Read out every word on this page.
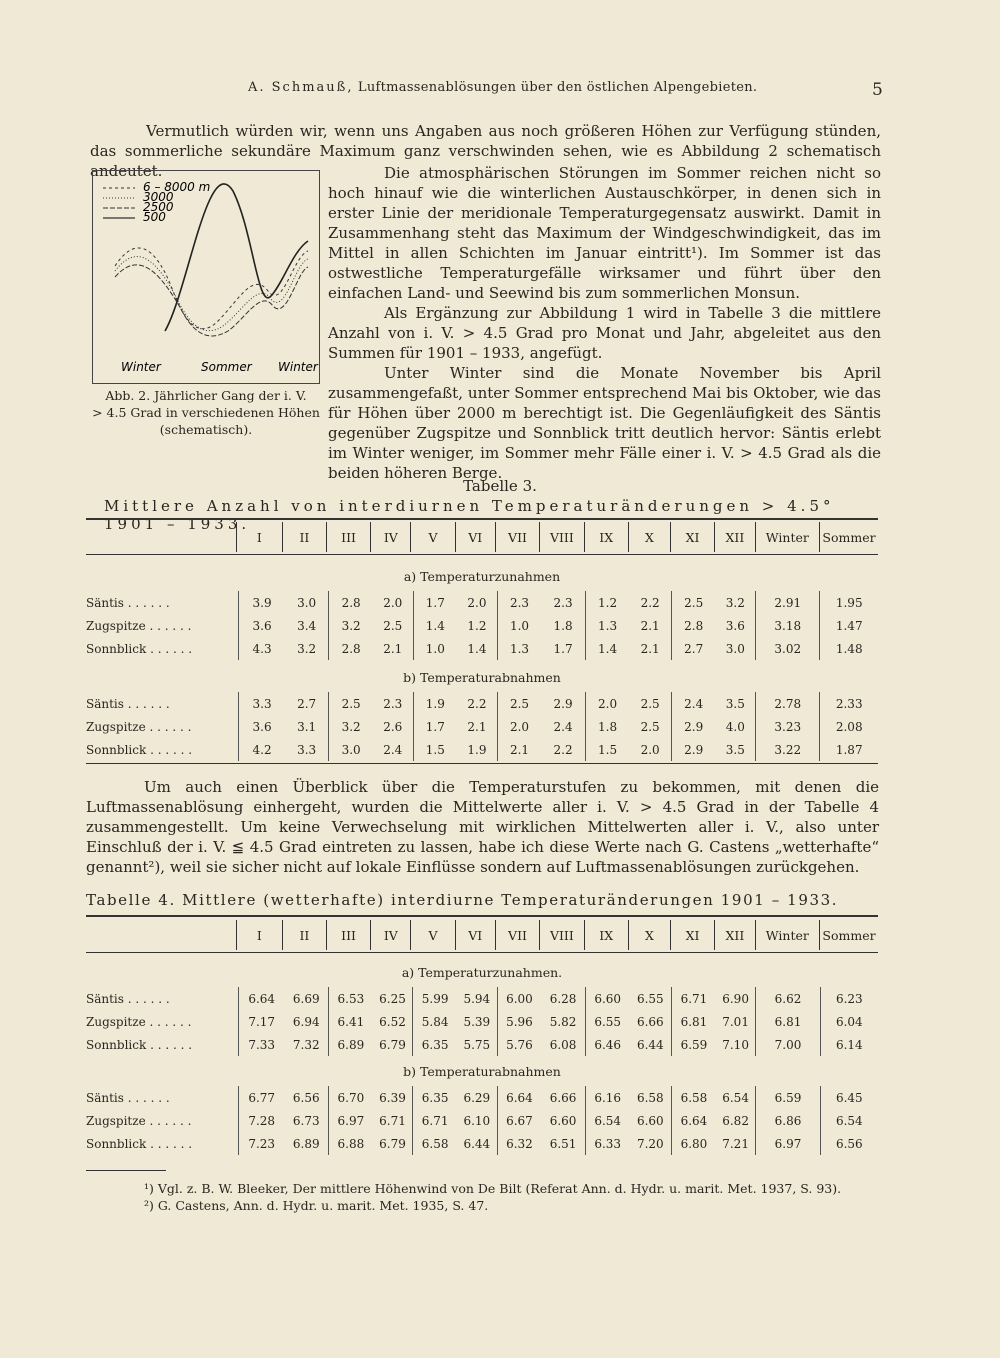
A. Schmauß, Luftmassenablösungen über den östlichen Alpengebieten.	5

Vermutlich würden wir, wenn uns Angaben aus noch größeren Höhen zur Verfügung stünden, das sommerliche sekundäre Maximum ganz verschwinden sehen, wie es Abbildung 2 schematisch andeutet.

6 – 8000 m
3000
2500
500
Winter	Sommer Winter
Abb. 2. Jährlicher Gang der i. V.
> 4.5 Grad in verschiedenen Höhen
(schematisch).

Die atmosphärischen Störungen im Sommer reichen nicht so hoch hinauf wie die winterlichen Austauschkörper, in denen sich in erster Linie der meridionale Temperaturgegensatz auswirkt. Damit in Zusammenhang steht das Maximum der Windgeschwindigkeit, das im Mittel in allen Schichten im Januar eintritt¹). Im Sommer ist das ostwestliche Temperaturgefälle wirksamer und führt über den einfachen Land- und Seewind bis zum sommerlichen Monsun.

Als Ergänzung zur Abbildung 1 wird in Tabelle 3 die mittlere Anzahl von i. V. > 4.5 Grad pro Monat und Jahr, abgeleitet aus den Summen für 1901 – 1933, angefügt.

Unter Winter sind die Monate November bis April zusammengefaßt, unter Sommer entsprechend Mai bis Oktober, wie das für Höhen über 2000 m berechtigt ist. Die Gegenläufigkeit des Säntis gegenüber Zugspitze und Sonnblick tritt deutlich hervor: Säntis erlebt im Winter weniger, im Sommer mehr Fälle einer i. V. > 4.5 Grad als die beiden höheren Berge.

Tabelle 3.
Mittlere Anzahl von interdiurnen Temperaturänderungen > 4.5° 1901 – 1933.
	I	II	III	IV	V	VI	VII	VIII	IX	X	XI	XII	Winter	Sommer
a) Temperaturzunahmen
Säntis . . . . . .	3.9	3.0	2.8	2.0	1.7	2.0	2.3	2.3	1.2	2.2	2.5	3.2	2.91	1.95
Zugspitze . . . . . .	3.6	3.4	3.2	2.5	1.4	1.2	1.0	1.8	1.3	2.1	2.8	3.6	3.18	1.47
Sonnblick . . . . . .	4.3	3.2	2.8	2.1	1.0	1.4	1.3	1.7	1.4	2.1	2.7	3.0	3.02	1.48
b) Temperaturabnahmen
Säntis . . . . . .	3.3	2.7	2.5	2.3	1.9	2.2	2.5	2.9	2.0	2.5	2.4	3.5	2.78	2.33
Zugspitze . . . . . .	3.6	3.1	3.2	2.6	1.7	2.1	2.0	2.4	1.8	2.5	2.9	4.0	3.23	2.08
Sonnblick . . . . . .	4.2	3.3	3.0	2.4	1.5	1.9	2.1	2.2	1.5	2.0	2.9	3.5	3.22	1.87

Um auch einen Überblick über die Temperaturstufen zu bekommen, mit denen die Luftmassenablösung einhergeht, wurden die Mittelwerte aller i. V. > 4.5 Grad in der Tabelle 4 zusammengestellt. Um keine Verwechselung mit wirklichen Mittelwerten aller i. V., also unter Einschluß der i. V. ≦ 4.5 Grad eintreten zu lassen, habe ich diese Werte nach G. Castens „wetterhafte“ genannt²), weil sie sicher nicht auf lokale Einflüsse sondern auf Luftmassenablösungen zurückgehen.

Tabelle 4. Mittlere (wetterhafte) interdiurne Temperaturänderungen 1901 – 1933.
	I	II	III	IV	V	VI	VII	VIII	IX	X	XI	XII	Winter	Sommer
a) Temperaturzunahmen.
Säntis . . . . . .	6.64	6.69	6.53	6.25	5.99	5.94	6.00	6.28	6.60	6.55	6.71	6.90	6.62	6.23
Zugspitze . . . . . .	7.17	6.94	6.41	6.52	5.84	5.39	5.96	5.82	6.55	6.66	6.81	7.01	6.81	6.04
Sonnblick . . . . . .	7.33	7.32	6.89	6.79	6.35	5.75	5.76	6.08	6.46	6.44	6.59	7.10	7.00	6.14
b) Temperaturabnahmen
Säntis . . . . . .	6.77	6.56	6.70	6.39	6.35	6.29	6.64	6.66	6.16	6.58	6.58	6.54	6.59	6.45
Zugspitze . . . . . .	7.28	6.73	6.97	6.71	6.71	6.10	6.67	6.60	6.54	6.60	6.64	6.82	6.86	6.54
Sonnblick . . . . . .	7.23	6.89	6.88	6.79	6.58	6.44	6.32	6.51	6.33	7.20	6.80	7.21	6.97	6.56
¹) Vgl. z. B. W. Bleeker, Der mittlere Höhenwind von De Bilt (Referat Ann. d. Hydr. u. marit. Met. 1937, S. 93).
²) G. Castens, Ann. d. Hydr. u. marit. Met. 1935, S. 47.
